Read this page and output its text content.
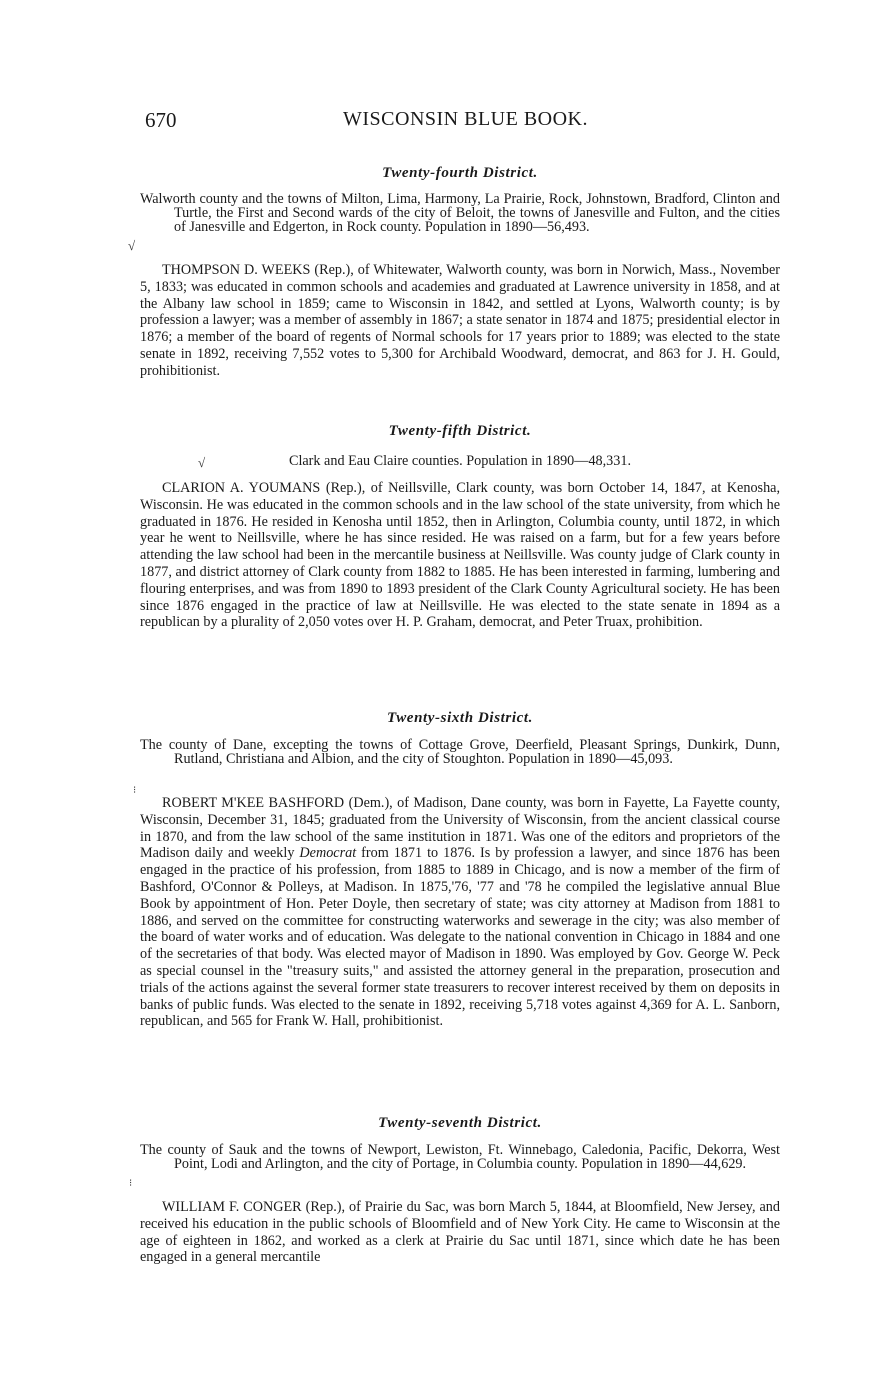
670	WISCONSIN BLUE BOOK.
√
√
⁝
⁝

Twenty-fourth District.

Walworth county and the towns of Milton, Lima, Harmony, La Prairie, Rock, Johnstown, Bradford, Clinton and Turtle, the First and Second wards of the city of Beloit, the towns of Janesville and Fulton, and the cities of Janesville and Edgerton, in Rock county. Population in 1890—56,493.

THOMPSON D. WEEKS (Rep.), of Whitewater, Walworth county, was born in Norwich, Mass., November 5, 1833; was educated in common schools and academies and graduated at Lawrence university in 1858, and at the Albany law school in 1859; came to Wisconsin in 1842, and settled at Lyons, Walworth county; is by profession a lawyer; was a member of assembly in 1867; a state senator in 1874 and 1875; presidential elector in 1876; a member of the board of regents of Normal schools for 17 years prior to 1889; was elected to the state senate in 1892, receiving 7,552 votes to 5,300 for Archibald Woodward, democrat, and 863 for J. H. Gould, prohibitionist.

Twenty-fifth District.

Clark and Eau Claire counties. Population in 1890—48,331.

CLARION A. YOUMANS (Rep.), of Neillsville, Clark county, was born October 14, 1847, at Kenosha, Wisconsin. He was educated in the common schools and in the law school of the state university, from which he graduated in 1876. He resided in Kenosha until 1852, then in Arlington, Columbia county, until 1872, in which year he went to Neillsville, where he has since resided. He was raised on a farm, but for a few years before attending the law school had been in the mercantile business at Neillsville. Was county judge of Clark county in 1877, and district attorney of Clark county from 1882 to 1885. He has been interested in farming, lumbering and flouring enterprises, and was from 1890 to 1893 president of the Clark County Agricultural society. He has been since 1876 engaged in the practice of law at Neillsville. He was elected to the state senate in 1894 as a republican by a plurality of 2,050 votes over H. P. Graham, democrat, and Peter Truax, prohibition.

Twenty-sixth District.

The county of Dane, excepting the towns of Cottage Grove, Deerfield, Pleasant Springs, Dunkirk, Dunn, Rutland, Christiana and Albion, and the city of Stoughton. Population in 1890—45,093.

ROBERT M'KEE BASHFORD (Dem.), of Madison, Dane county, was born in Fayette, La Fayette county, Wisconsin, December 31, 1845; graduated from the University of Wisconsin, from the ancient classical course in 1870, and from the law school of the same institution in 1871. Was one of the editors and proprietors of the Madison daily and weekly Democrat from 1871 to 1876. Is by profession a lawyer, and since 1876 has been engaged in the practice of his profession, from 1885 to 1889 in Chicago, and is now a member of the firm of Bashford, O'Connor & Polleys, at Madison. In 1875,'76, '77 and '78 he compiled the legislative annual Blue Book by appointment of Hon. Peter Doyle, then secretary of state; was city attorney at Madison from 1881 to 1886, and served on the committee for constructing waterworks and sewerage in the city; was also member of the board of water works and of education. Was delegate to the national convention in Chicago in 1884 and one of the secretaries of that body. Was elected mayor of Madison in 1890. Was employed by Gov. George W. Peck as special counsel in the "treasury suits," and assisted the attorney general in the preparation, prosecution and trials of the actions against the several former state treasurers to recover interest received by them on deposits in banks of public funds. Was elected to the senate in 1892, receiving 5,718 votes against 4,369 for A. L. Sanborn, republican, and 565 for Frank W. Hall, prohibitionist.

Twenty-seventh District.

The county of Sauk and the towns of Newport, Lewiston, Ft. Winnebago, Caledonia, Pacific, Dekorra, West Point, Lodi and Arlington, and the city of Portage, in Columbia county. Population in 1890—44,629.

WILLIAM F. CONGER (Rep.), of Prairie du Sac, was born March 5, 1844, at Bloomfield, New Jersey, and received his education in the public schools of Bloomfield and of New York City. He came to Wisconsin at the age of eighteen in 1862, and worked as a clerk at Prairie du Sac until 1871, since which date he has been engaged in a general mercantile
